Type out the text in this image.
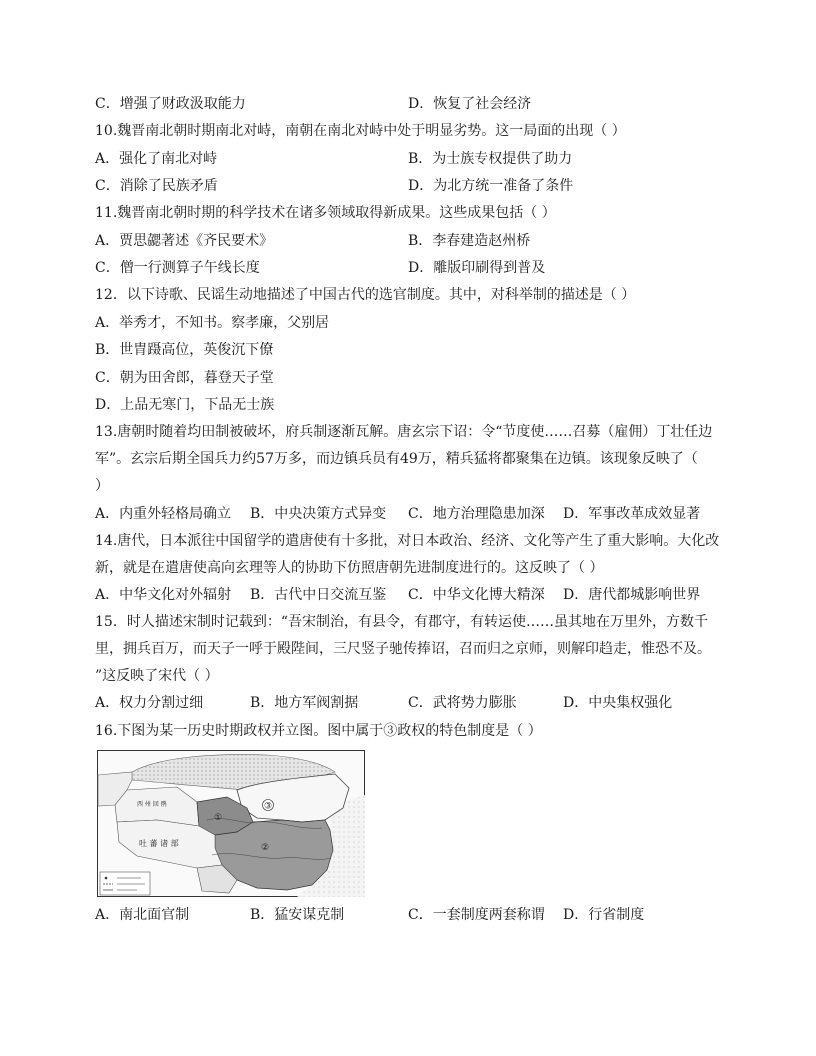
C．增强了财政汲取能力	D．恢复了社会经济
10.魏晋南北朝时期南北对峙，南朝在南北对峙中处于明显劣势。这一局面的出现（ ）
A．强化了南北对峙	B．为士族专权提供了助力
C．消除了民族矛盾	D．为北方统一准备了条件
11.魏晋南北朝时期的科学技术在诸多领域取得新成果。这些成果包括（ ）
A．贾思勰著述《齐民要术》	B．李春建造赵州桥
C．僧一行测算子午线长度	D．雕版印刷得到普及
12．以下诗歌、民谣生动地描述了中国古代的选官制度。其中，对科举制的描述是（ ）
A．举秀才，不知书。察孝廉，父别居
B．世胄蹑高位，英俊沉下僚
C．朝为田舍郎，暮登天子堂
D．上品无寒门，下品无士族
13.唐朝时随着均田制被破坏，府兵制逐渐瓦解。唐玄宗下诏：令“节度使……召募（雇佣）丁壮任边
军”。玄宗后期全国兵力约57万多，而边镇兵员有49万，精兵猛将都聚集在边镇。该现象反映了（
）
A．内重外轻格局确立 B．中央决策方式异变 C．地方治理隐患加深 D．军事改革成效显著
14.唐代，日本派往中国留学的遣唐使有十多批，对日本政治、经济、文化等产生了重大影响。大化改
新，就是在遣唐使高向玄理等人的协助下仿照唐朝先进制度进行的。这反映了（ ）
A．中华文化对外辐射 B．古代中日交流互鉴 C．中华文化博大精深 D．唐代都城影响世界
15．时人描述宋制时记载到：“吾宋制治，有县令，有郡守，有转运使……虽其地在万里外，方数千
里，拥兵百万，而天子一呼于殿陛间，三尺竖子驰传捧诏，召而归之京师，则解印趋走，惟恐不及。
”这反映了宋代（ ）
A．权力分割过细	B．地方军阀割据	C．武将势力膨胀	D．中央集权强化
16.下图为某一历史时期政权并立图。图中属于③政权的特色制度是（ ）
西 州 回 鹘
吐 蕃 诸 部
③
①
②
A．南北面官制	B．猛安谋克制	C．一套制度两套称谓 D．行省制度
